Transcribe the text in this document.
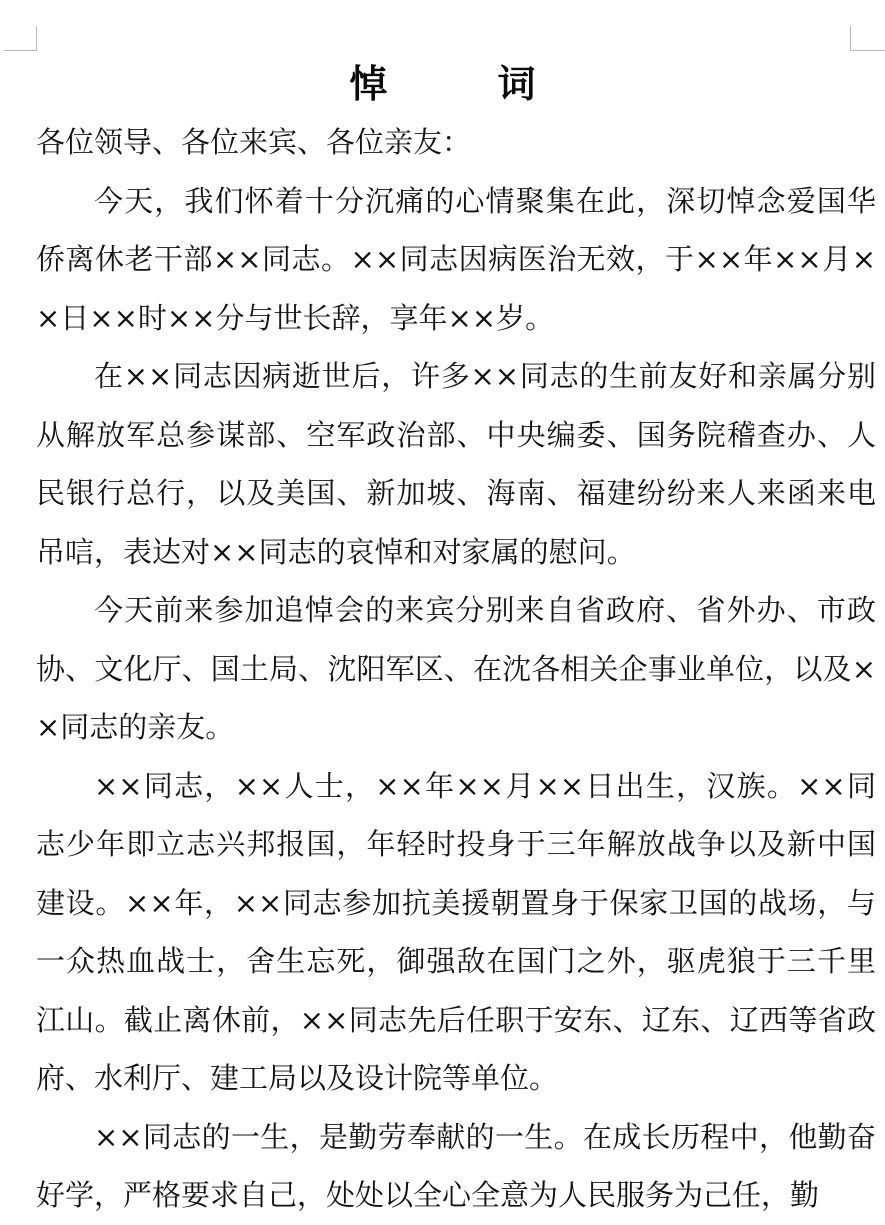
悼　词

各位领导、各位来宾、各位亲友：

今天，我们怀着十分沉痛的心情聚集在此，深切悼念爱国华侨离休老干部××同志。××同志因病医治无效，于××年××月××日××时××分与世长辞，享年××岁。

在××同志因病逝世后，许多××同志的生前友好和亲属分别从解放军总参谋部、空军政治部、中央编委、国务院稽查办、人民银行总行，以及美国、新加坡、海南、福建纷纷来人来函来电吊唁，表达对××同志的哀悼和对家属的慰问。

今天前来参加追悼会的来宾分别来自省政府、省外办、市政协、文化厅、国土局、沈阳军区、在沈各相关企事业单位，以及××同志的亲友。

××同志，××人士，××年××月××日出生，汉族。××同志少年即立志兴邦报国，年轻时投身于三年解放战争以及新中国建设。××年，××同志参加抗美援朝置身于保家卫国的战场，与一众热血战士，舍生忘死，御强敌在国门之外，驱虎狼于三千里江山。截止离休前，××同志先后任职于安东、辽东、辽西等省政府、水利厅、建工局以及设计院等单位。

××同志的一生，是勤劳奉献的一生。在成长历程中，他勤奋好学，严格要求自己，处处以全心全意为人民服务为己任，勤
